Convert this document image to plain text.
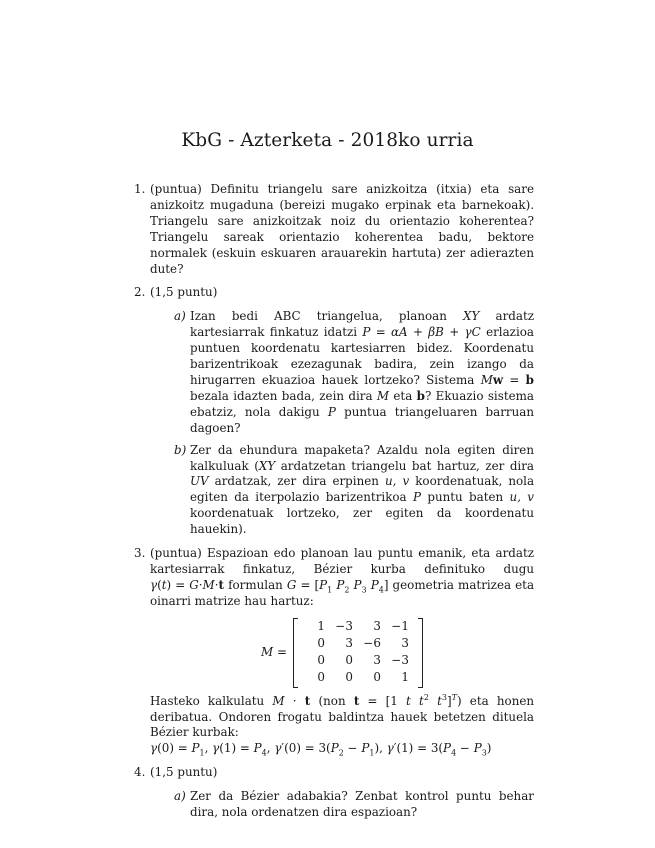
KbG - Azterketa - 2018ko urria
1. (puntua) Definitu triangelu sare anizkoitza (itxia) eta sare anizkoitz mugaduna (bereizi mugako erpinak eta barnekoak). Triangelu sare anizkoitzak noiz du orientazio koherentea? Triangelu sareak orientazio koherentea badu, bektore normalek (eskuin eskuaren arauarekin hartuta) zer adierazten dute?
2. (1,5 puntu)
a) Izan bedi ABC triangelua, planoan XY ardatz kartesiarrak finkatuz idatzi P = αA + βB + γC erlazioa puntuen koordenatu kartesiarren bidez. Koordenatu barizentrikoak ezezagunak badira, zein izango da hirugarren ekuazioa hauek lortzeko? Sistema Mw = b bezala idazten bada, zein dira M eta b? Ekuazio sistema ebatziz, nola dakigu P puntua triangeluaren barruan dagoen?
b) Zer da ehundura mapaketa? Azaldu nola egiten diren kalkuluak (XY ardatzetan triangelu bat hartuz, zer dira UV ardatzak, zer dira erpinen u, v koordenatuak, nola egiten da iterpolazio barizentrikoa P puntu baten u, v koordenatuak lortzeko, zer egiten da koordenatu hauekin).
3. (puntua) Espazioan edo planoan lau puntu emanik, eta ardatz kartesiarrak finkatuz, Bézier kurba definituko dugu γ(t) = G·M·t formulan $G = [P_1$ $P_2$ $P_3$ $P_4$] geometria matrizea eta oinarri matrize hau hartuz:
M =
1	−3	3	−1
0	3	−6	3
0	0	3	−3
0	0	0	1
Hasteko kalkulatu M · t (non t = [1 t $t^2$ $t^3]^T$) eta honen deribatua. Ondoren frogatu baldintza hauek betetzen dituela Bézier kurbak:
$\gamma(0) = P_1$, $\gamma(1) = P_4$, $\gamma'(0) = 3(P_2 - P_1)$, $\gamma'(1) = 3(P_4 - P_3)$
4. (1,5 puntu)
a) Zer da Bézier adabakia? Zenbat kontrol puntu behar dira, nola ordenatzen dira espazioan?
